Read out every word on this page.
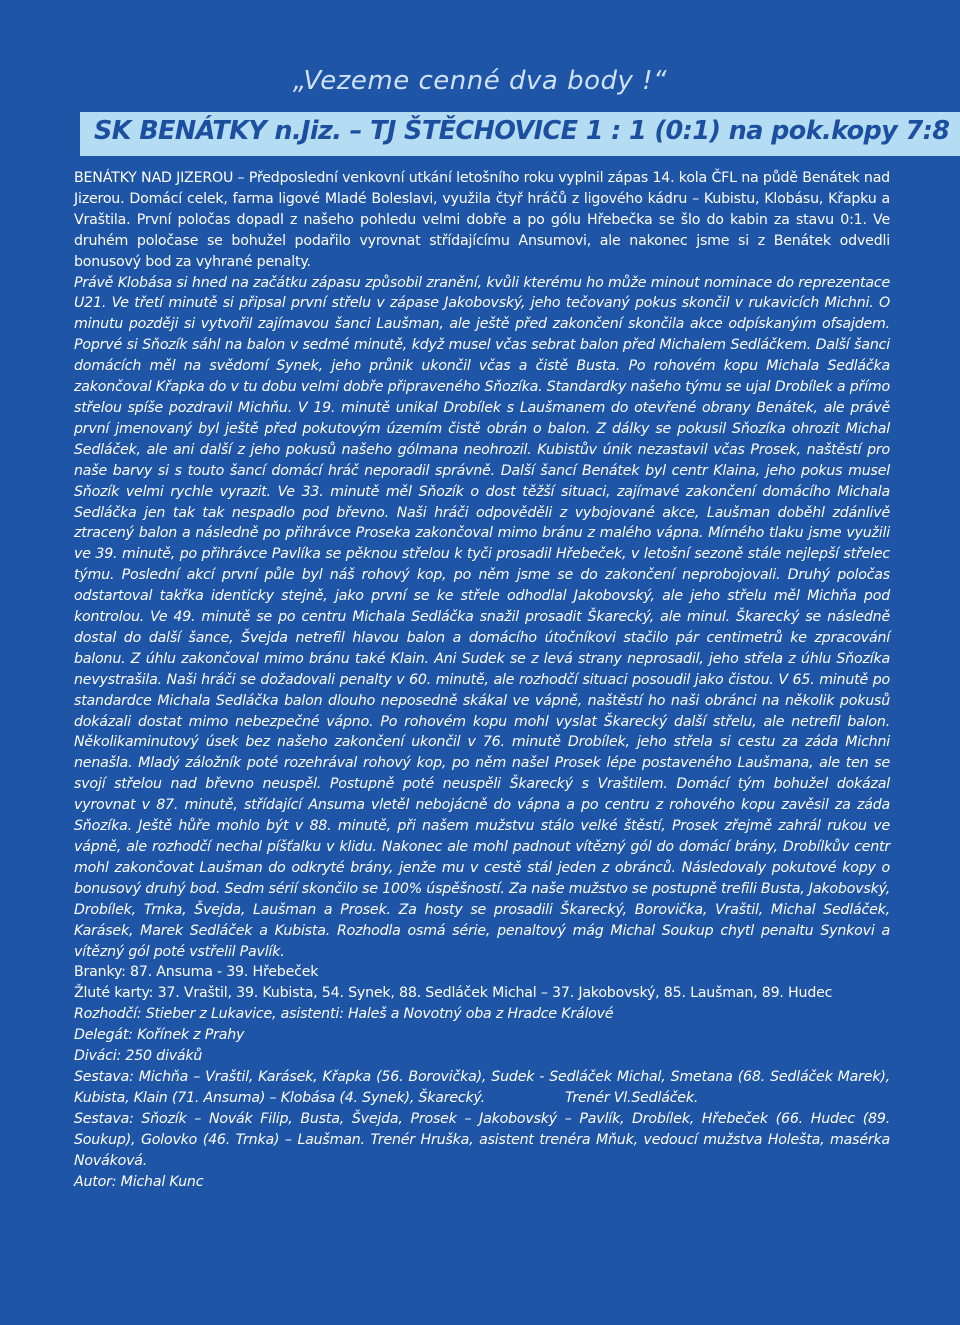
„Vezeme cenné dva body !“
SK BENÁTKY n.Jiz. – TJ ŠTĚCHOVICE 1 : 1 (0:1) na pok.kopy 7:8

BENÁTKY NAD JIZEROU – Předposlední venkovní utkání letošního roku vyplnil zápas 14. kola ČFL na půdě Benátek nad Jizerou. Domácí celek, farma ligové Mladé Boleslavi, využila čtyř hráčů z ligového kádru – Kubistu, Klobásu, Křapku a Vraštila. První poločas dopadl z našeho pohledu velmi dobře a po gólu Hřebečka se šlo do kabin za stavu 0:1. Ve druhém poločase se bohužel podařilo vyrovnat střídajícímu Ansumovi, ale nakonec jsme si z Benátek odvedli bonusový bod za vyhrané penalty.

Právě Klobása si hned na začátku zápasu způsobil zranění, kvůli kterému ho může minout nominace do reprezentace U21. Ve třetí minutě si připsal první střelu v zápase Jakobovský, jeho tečovaný pokus skončil v rukavicích Michni. O minutu později si vytvořil zajímavou šanci Laušman, ale ještě před zakončení skončila akce odpískanýım ofsajdem. Poprvé si Sňozík sáhl na balon v sedmé minutě, když musel včas sebrat balon před Michalem Sedláčkem. Další šanci domácích měl na svědomí Synek, jeho průnik ukončil včas a čistě Busta. Po rohovém kopu Michala Sedláčka zakončoval Křapka do v tu dobu velmi dobře připraveného Sňozíka. Standardky našeho týmu se ujal Drobílek a přímo střelou spíše pozdravil Michňu. V 19. minutě unikal Drobílek s Laušmanem do otevřené obrany Benátek, ale právě první jmenovaný byl ještě před pokutovým územím čistě obrán o balon. Z dálky se pokusil Sňozíka ohrozit Michal Sedláček, ale ani další z jeho pokusů našeho gólmana neohrozil. Kubistův únik nezastavil včas Prosek, naštěstí pro naše barvy si s touto šancí domácí hráč neporadil správně. Další šancí Benátek byl centr Klaina, jeho pokus musel Sňozík velmi rychle vyrazit. Ve 33. minutě měl Sňozík o dost těžší situaci, zajímavé zakončení domácího Michala Sedláčka jen tak tak nespadlo pod břevno. Naši hráči odpověděli z vybojované akce, Laušman doběhl zdánlivě ztracený balon a následně po přihrávce Proseka zakončoval mimo bránu z malého vápna. Mírného tlaku jsme využili ve 39. minutě, po přihrávce Pavlíka se pěknou střelou k tyči prosadil Hřebeček, v letošní sezoně stále nejlepší střelec týmu. Poslední akcí první půle byl náš rohový kop, po něm jsme se do zakončení neprobojovali. Druhý poločas odstartoval takřka identicky stejně, jako první se ke střele odhodlal Jakobovský, ale jeho střelu měl Michňa pod kontrolou. Ve 49. minutě se po centru Michala Sedláčka snažil prosadit Škarecký, ale minul. Škarecký se následně dostal do další šance, Švejda netrefil hlavou balon a domácího útočníkovi stačilo pár centimetrů ke zpracování balonu. Z úhlu zakončoval mimo bránu také Klain. Ani Sudek se z levá strany neprosadil, jeho střela z úhlu Sňozíka nevystrašila. Naši hráči se dožadovali penalty v 60. minutě, ale rozhodčí situaci posoudil jako čistou. V 65. minutě po standardce Michala Sedláčka balon dlouho neposedně skákal ve vápně, naštěstí ho naši obránci na několik pokusů dokázali dostat mimo nebezpečné vápno. Po rohovém kopu mohl vyslat Škarecký další střelu, ale netrefil balon. Několikaminutový úsek bez našeho zakončení ukončil v 76. minutě Drobílek, jeho střela si cestu za záda Michni nenašla. Mladý záložník poté rozehrával rohový kop, po něm našel Prosek lépe postaveného Laušmana, ale ten se svojí střelou nad břevno neuspěl. Postupně poté neuspěli Škarecký s Vraštilem. Domácí tým bohužel dokázal vyrovnat v 87. minutě, střídající Ansuma vletěl nebojácně do vápna a po centru z rohového kopu zavěsil za záda Sňozíka. Ještě hůře mohlo být v 88. minutě, při našem mužstvu stálo velké štěstí, Prosek zřejmě zahrál rukou ve vápně, ale rozhodčí nechal píšťalku v klidu. Nakonec ale mohl padnout vítězný gól do domácí brány, Drobílkův centr mohl zakončovat Laušman do odkryté brány, jenže mu v cestě stál jeden z obránců. Následovaly pokutové kopy o bonusový druhý bod. Sedm sérií skončilo se 100% úspěšností. Za naše mužstvo se postupně trefili Busta, Jakobovský, Drobílek, Trnka, Švejda, Laušman a Prosek. Za hosty se prosadili Škarecký, Borovička, Vraštil, Michal Sedláček, Karásek, Marek Sedláček a Kubista. Rozhodla osmá série, penaltový mág Michal Soukup chytl penaltu Synkovi a vítězný gól poté vstřelil Pavlík.

Branky: 87. Ansuma - 39. Hřebeček

Žluté karty: 37. Vraštil, 39. Kubista, 54. Synek, 88. Sedláček Michal – 37. Jakobovský, 85. Laušman, 89. Hudec

Rozhodčí: Stieber z Lukavice, asistenti: Haleš a Novotný oba z Hradce Králové

Delegát: Kořínek z Prahy

Diváci: 250 diváků

Sestava: Michňa – Vraštil, Karásek, Křapka (56. Borovička), Sudek - Sedláček Michal, Smetana (68. Sedláček Marek), Kubista, Klain (71. Ansuma) – Klobása (4. Synek), Škarecký.	Trenér Vl.Sedláček.

Sestava: Sňozík – Novák Filip, Busta, Švejda, Prosek – Jakobovský – Pavlík, Drobílek, Hřebeček (66. Hudec (89. Soukup), Golovko (46. Trnka) – Laušman. Trenér Hruška, asistent trenéra Mňuk, vedoucí mužstva Holešta, masérka Nováková.

Autor: Michal Kunc
